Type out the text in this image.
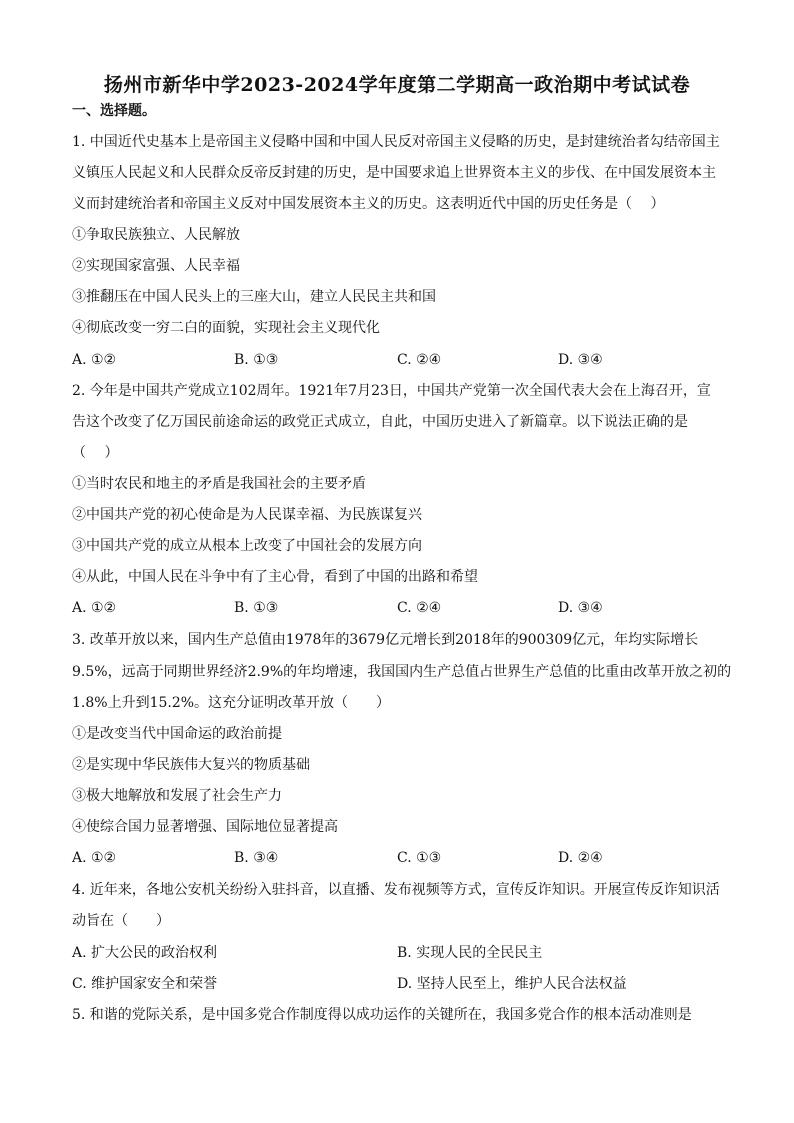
扬州市新华中学2023-2024学年度第二学期高一政治期中考试试卷
一、选择题。
1. 中国近代史基本上是帝国主义侵略中国和中国人民反对帝国主义侵略的历史，是封建统治者勾结帝国主
义镇压人民起义和人民群众反帝反封建的历史，是中国要求追上世界资本主义的步伐、在中国发展资本主
义而封建统治者和帝国主义反对中国发展资本主义的历史。这表明近代中国的历史任务是（　 ）
①争取民族独立、人民解放
②实现国家富强、人民幸福
③推翻压在中国人民头上的三座大山，建立人民民主共和国
④彻底改变一穷二白的面貌，实现社会主义现代化
A. ①②	B. ①③	C. ②④	D. ③④
2. 今年是中国共产党成立102周年。1921年7月23日，中国共产党第一次全国代表大会在上海召开，宣
告这个改变了亿万国民前途命运的政党正式成立，自此，中国历史进入了新篇章。以下说法正确的是
（　 ）
①当时农民和地主的矛盾是我国社会的主要矛盾
②中国共产党的初心使命是为人民谋幸福、为民族谋复兴
③中国共产党的成立从根本上改变了中国社会的发展方向
④从此，中国人民在斗争中有了主心骨，看到了中国的出路和希望
A. ①②	B. ①③	C. ②④	D. ③④
3. 改革开放以来，国内生产总值由1978年的3679亿元增长到2018年的900309亿元，年均实际增长
9.5%，远高于同期世界经济2.9%的年均增速，我国国内生产总值占世界生产总值的比重由改革开放之初的
1.8%上升到15.2%。这充分证明改革开放（　　）
①是改变当代中国命运的政治前提
②是实现中华民族伟大复兴的物质基础
③极大地解放和发展了社会生产力
④使综合国力显著增强、国际地位显著提高
A. ①②	B. ③④	C. ①③	D. ②④
4. 近年来，各地公安机关纷纷入驻抖音，以直播、发布视频等方式，宣传反诈知识。开展宣传反诈知识活
动旨在（　　）
A. 扩大公民的政治权利	B. 实现人民的全民民主
C. 维护国家安全和荣誉	D. 坚持人民至上，维护人民合法权益
5. 和谐的党际关系，是中国多党合作制度得以成功运作的关键所在，我国多党合作的根本活动准则是
